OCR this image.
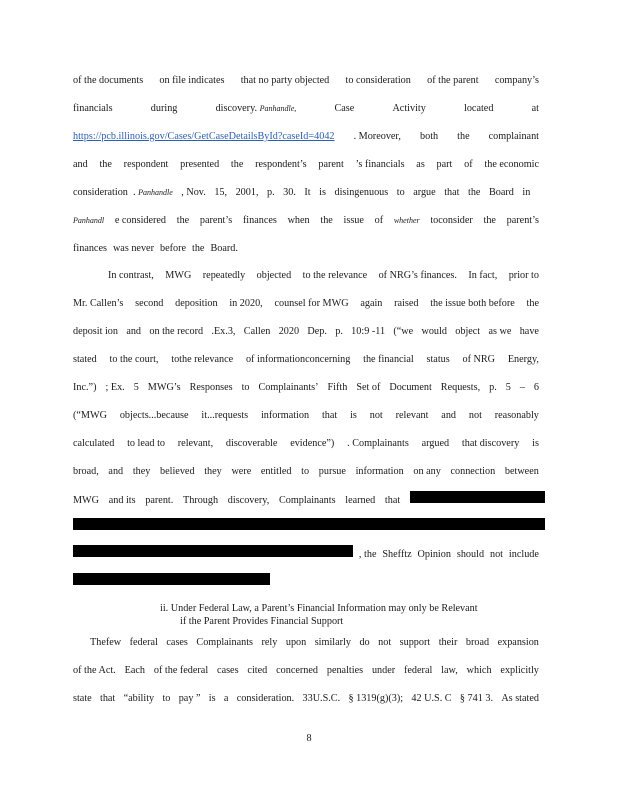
of the documents on file indicates that no party objected to consideration of the parent company’s
financials	during	discovery. Panhandle,	Case	Activity	located	at
https://pcb.illinois.gov/Cases/GetCaseDetailsById?caseId=4042 . Moreover, both the complainant
and the respondent presented the respondent’s parent ’s financials as part of the economic
consideration  . Panhandle , Nov. 15, 2001, p. 30. It is disingenuous to argue that the Board in
Panhandl e considered the parent’s finances when the issue of whether toconsider the parent’s
finances was never before the Board.
In contrast, MWG repeatedly objected to the relevance of NRG’s finances. In fact, prior to
Mr. Callen’s second deposition in 2020, counsel for MWG again raised the issue both before the
deposit ion and on the record .Ex.3, Callen 2020 Dep. p. 10:9 -11 (“we would object as we have
stated to the court, tothe relevance of informationconcerning the financial status of NRG Energy,
Inc.”) ; Ex. 5 MWG’s Responses to Complainants’ Fifth Set of Document Requests, p. 5 – 6
(“MWG objects...because it...requests information that is not relevant and not reasonably
calculated to lead to relevant, discoverable evidence”) . Complainants argued that discovery is
broad, and they believed they were entitled to pursue information on any connection between
MWG and its parent. Through discovery, Complainants learned that
, the Shefftz Opinion should not include
ii. Under Federal Law, a Parent’s Financial Information may only be Relevant
if the Parent Provides Financial Support
Thefew federal cases Complainants rely upon similarly do not support their broad expansion
of the Act. Each of the federal cases cited concerned penalties under federal law, which explicitly
state that “ability to pay ” is a consideration. 33U.S.C. § 1319(g)(3); 42 U.S. C § 741 3. As stated
8
